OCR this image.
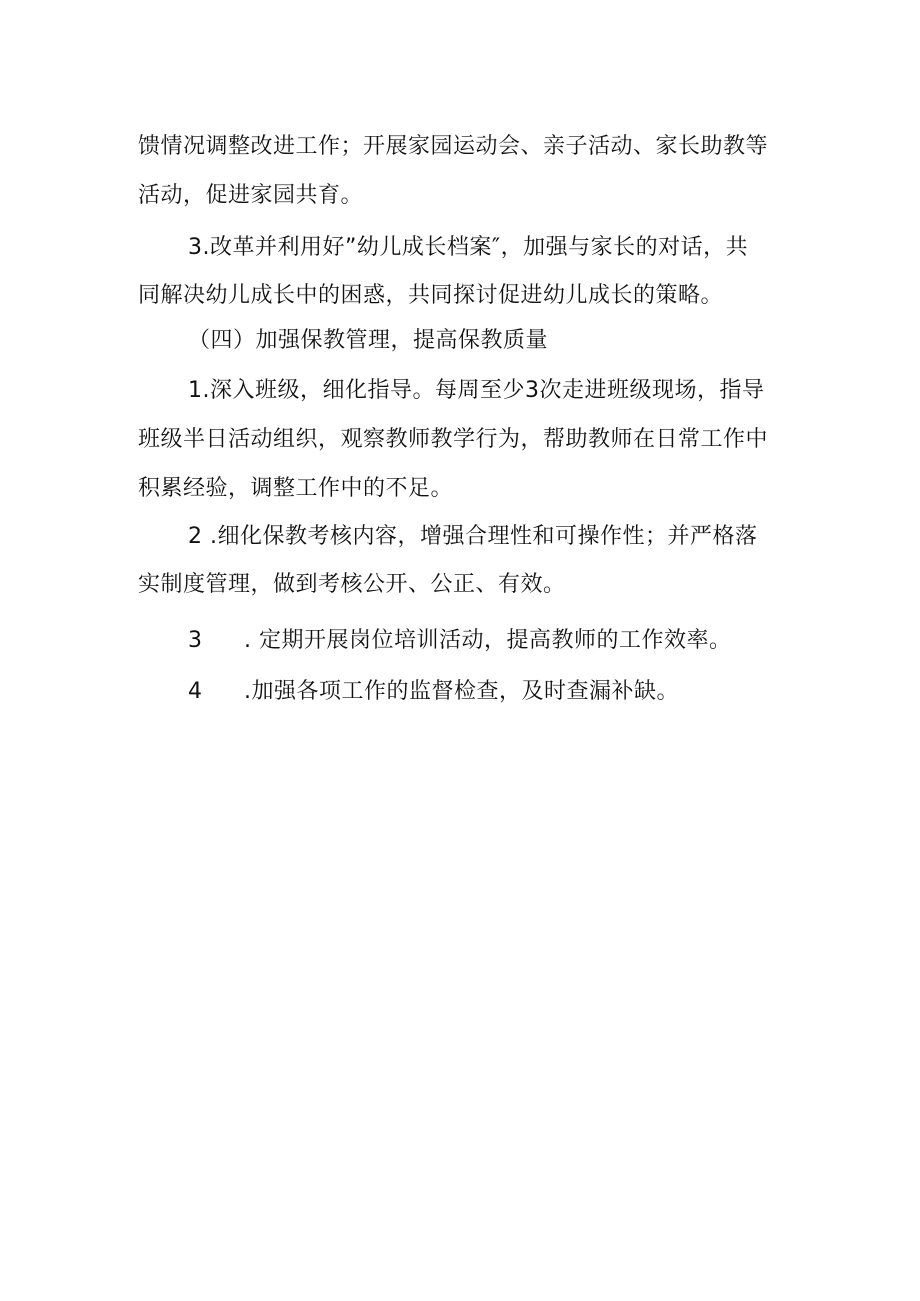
馈情况调整改进工作；开展家园运动会、亲子活动、家长助教等
活动，促进家园共育。
3.改革并利用好”幼儿成长档案″，加强与家长的对话，共
同解决幼儿成长中的困惑，共同探讨促进幼儿成长的策略。
（四）加强保教管理，提高保教质量
1.深入班级，细化指导。每周至少3次走进班级现场，指导
班级半日活动组织，观察教师教学行为，帮助教师在日常工作中
积累经验，调整工作中的不足。
2 .细化保教考核内容，增强合理性和可操作性；并严格落
实制度管理，做到考核公开、公正、有效。
3 . 定期开展岗位培训活动，提高教师的工作效率。
4 .加强各项工作的监督检查，及时查漏补缺。
